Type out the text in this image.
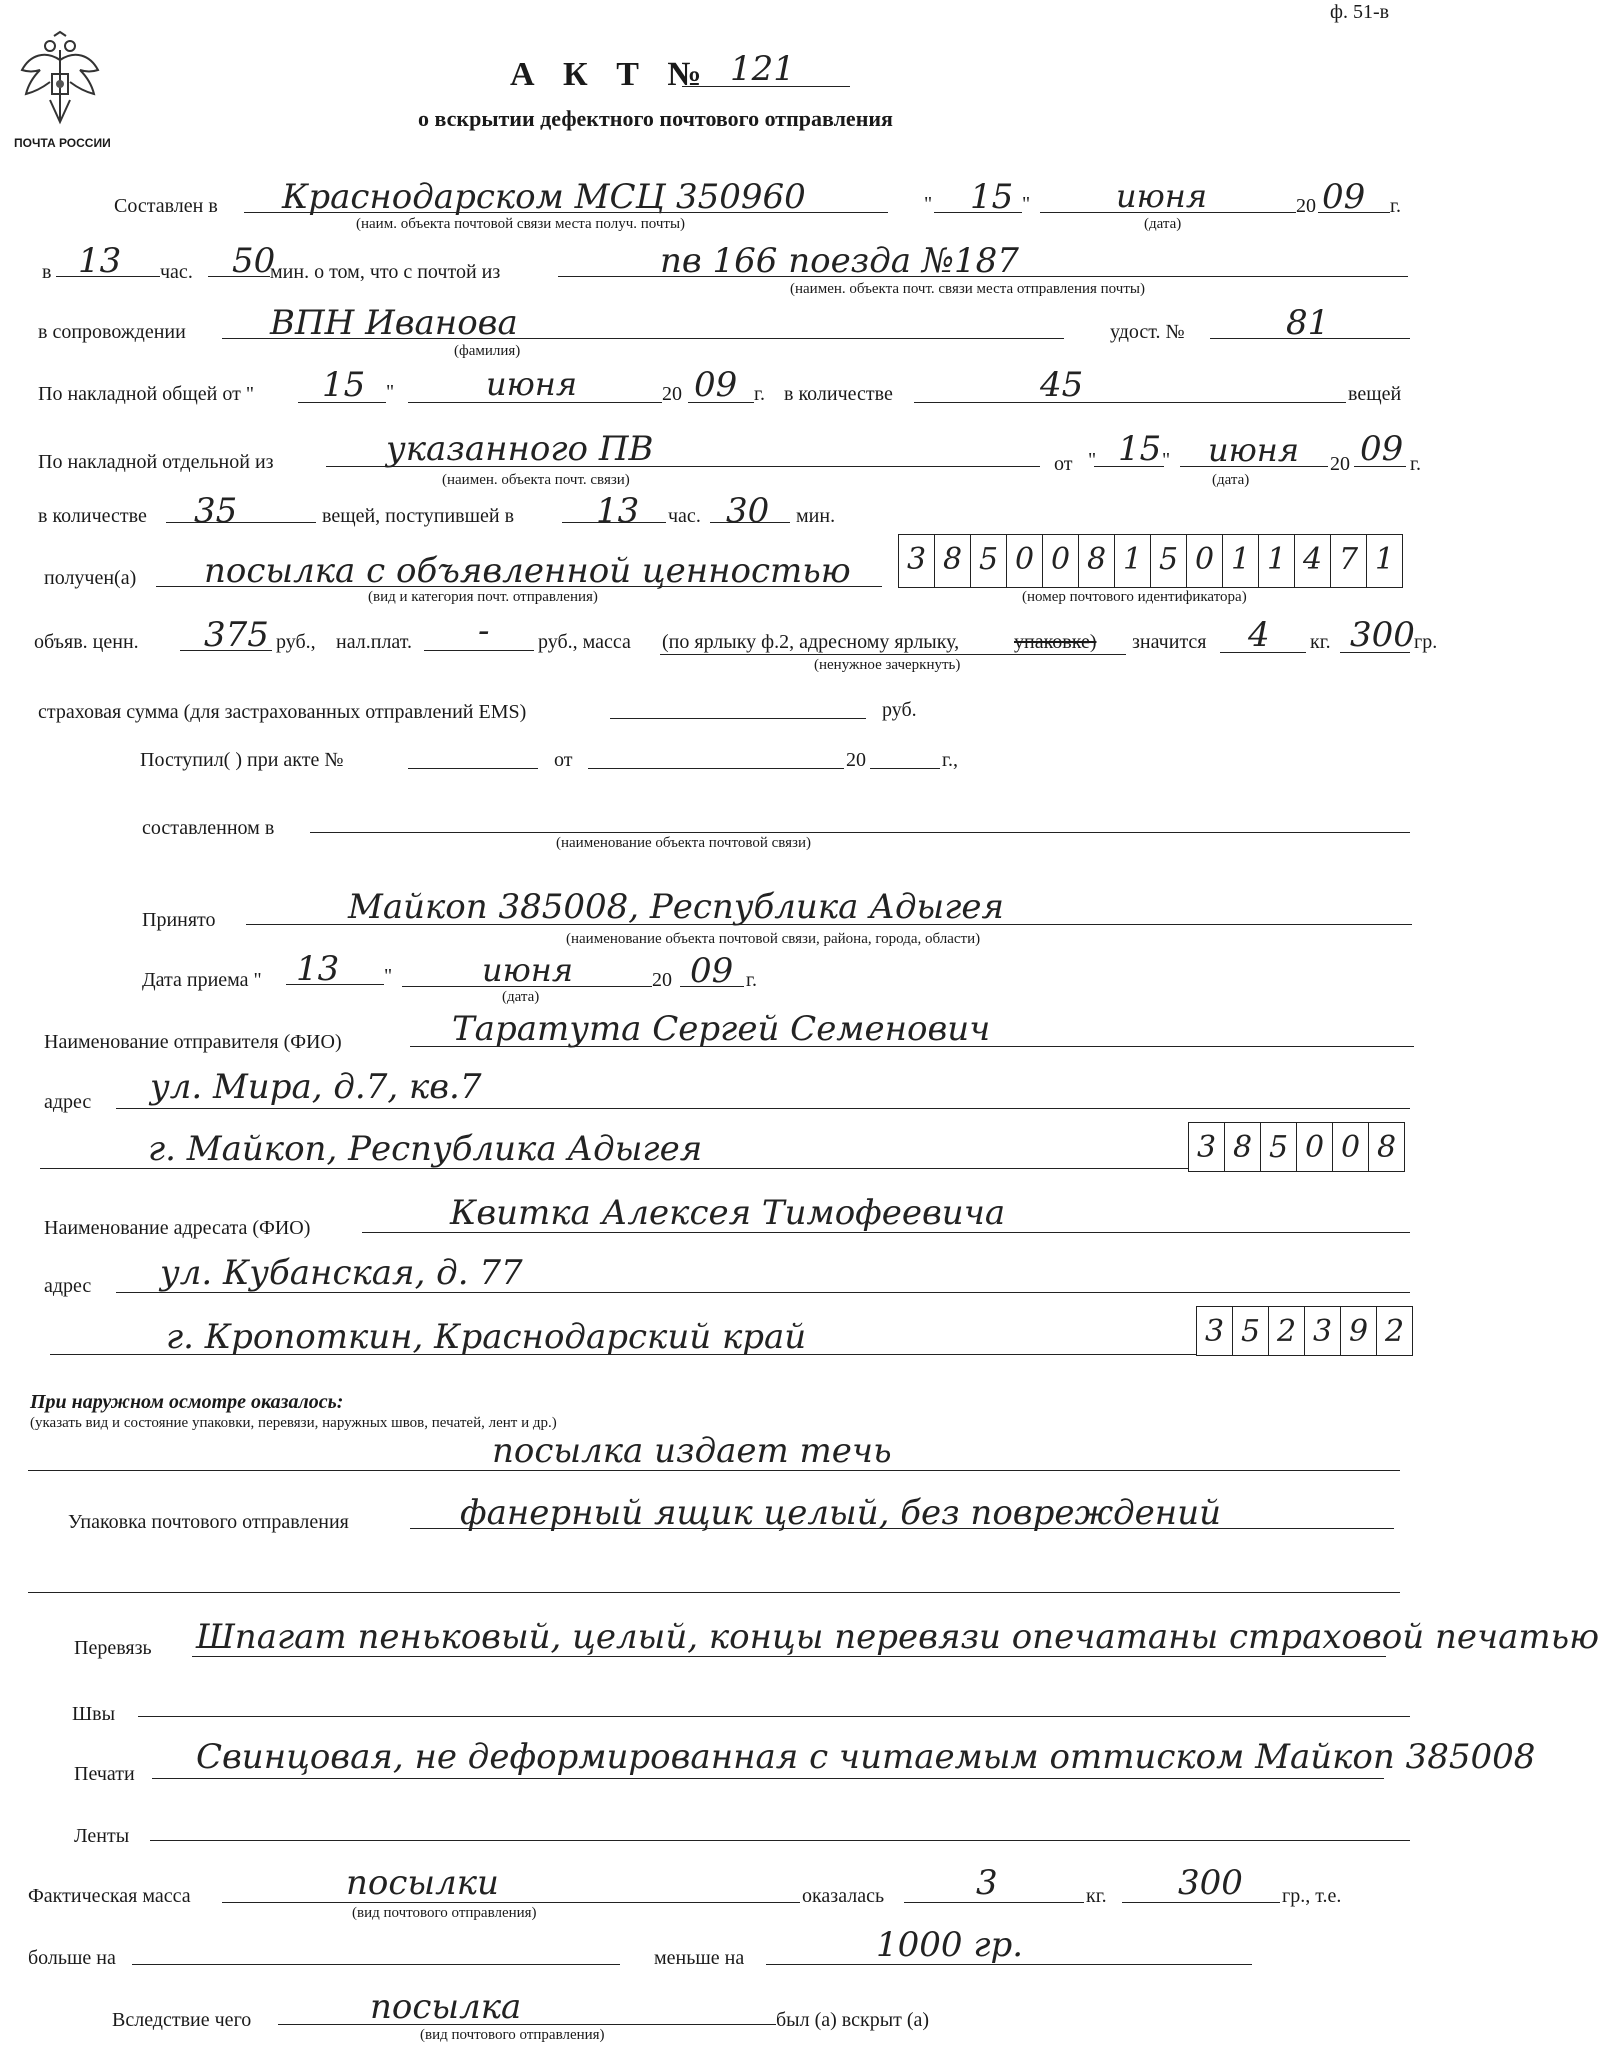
ф. 51-в
ПОЧТА РОССИИ
А К Т № 121
о вскрытии дефектного почтового отправления
Составлен в Краснодарском МСЦ 350960
(наим. объекта почтовой связи места получ. почты)
" 15 "	июня
(дата)
20 09 г.
в 13 час. 50
мин. о том, что с почтой из	пв 166 поезда №187
(наимен. объекта почт. связи места отправления почты)
в сопровождении ВПН Иванова
(фамилия)
удост. №	81
По накладной общей от " 15 "	июня	20 09 г. в количестве	45	вещей
По накладной отдельной из	указанного ПВ
(наимен. объекта почт. связи)
от " 15 " июня
(дата)
20 09 г.
в количестве 35	вещей, поступившей в 13 час. 30 мин.
получен(а) посылка с объявленной ценностью
(вид и категория почт. отправления)
3 8 5 0 0 8 1 5 0 1 1 4 7 1
(номер почтового идентификатора)
объяв. ценн. 375 руб., нал.плат. - руб., масса (по ярлыку ф.2, адресному ярлыку,	упаковке)
(ненужное зачеркнуть)
значится 4 кг. 300 гр.
страховая сумма (для застрахованных отправлений EMS)	руб.
Поступил( ) при акте №	от	20	г.,
составленном в
(наименование объекта почтовой связи)
Принято	Майкоп 385008, Республика Адыгея
(наименование объекта почтовой связи, района, города, области)
Дата приема " 13 "	июня
(дата)
20 09 г.
Наименование отправителя (ФИО)	Таратута Сергей Семенович
адрес ул. Мира, д.7, кв.7
г. Майкоп, Республика Адыгея	3 8 5 0 0 8
Наименование адресата (ФИО)	Квитка Алексея Тимофеевича
адрес ул. Кубанская, д. 77
г. Кропоткин, Краснодарский край	3 5 2 3 9 2
При наружном осмотре оказалось:
(указать вид и состояние упаковки, перевязи, наружных швов, печатей, лент и др.)
посылка издает течь
Упаковка почтового отправления	фанерный ящик целый, без повреждений
Перевязь Шпагат пеньковый, целый, концы перевязи опечатаны страховой печатью
Швы
Печати Свинцовая, не деформированная с читаемым оттиском Майкоп 385008
Ленты
Фактическая масса	посылки
(вид почтового отправления)
оказалась	3	кг. 300 гр., т.е.
больше на	меньше на	1000 гр.
Вследствие чего	посылка
(вид почтового отправления)
был (а) вскрыт (а)
